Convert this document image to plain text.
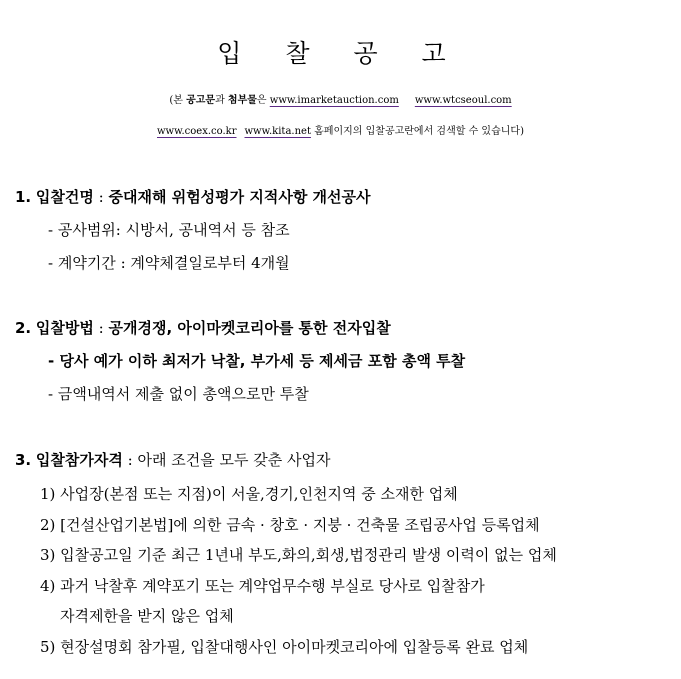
입 찰 공 고
(본 공고문과 첨부물은 www.imarketauction.com www.wtcseoul.com
www.coex.co.kr www.kita.net 홈페이지의 입찰공고란에서 검색할 수 있습니다)
1. 입찰건명 : 중대재해 위험성평가 지적사항 개선공사
- 공사범위: 시방서, 공내역서 등 참조
- 계약기간 : 계약체결일로부터 4개월
2. 입찰방법 : 공개경쟁, 아이마켓코리아를 통한 전자입찰
- 당사 예가 이하 최저가 낙찰, 부가세 등 제세금 포함 총액 투찰
- 금액내역서 제출 없이 총액으로만 투찰
3. 입찰참가자격 : 아래 조건을 모두 갖춘 사업자
1) 사업장(본점 또는 지점)이 서울,경기,인천지역 중 소재한 업체
2) [건설산업기본법]에 의한 금속 · 창호 · 지붕 · 건축물 조립공사업 등록업체
3) 입찰공고일 기준 최근 1년내 부도,화의,회생,법정관리 발생 이력이 없는 업체
4) 과거 낙찰후 계약포기 또는 계약업무수행 부실로 당사로 입찰참가
자격제한을 받지 않은 업체
5) 현장설명회 참가필, 입찰대행사인 아이마켓코리아에 입찰등록 완료 업체
